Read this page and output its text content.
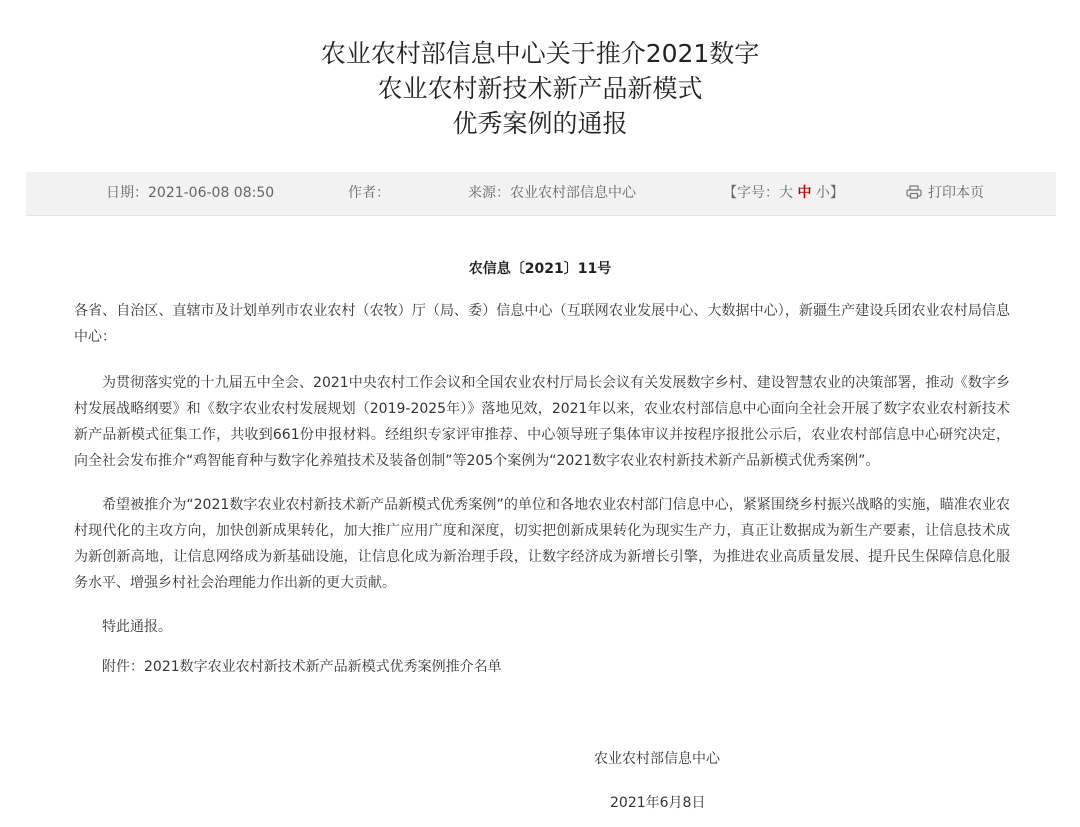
农业农村部信息中心关于推介2021数字
农业农村新技术新产品新模式
优秀案例的通报
日期：2021-06-08 08:50	作者：	来源：农业农村部信息中心	【字号：大 中 小】	打印本页
农信息〔2021〕11号

各省、自治区、直辖市及计划单列市农业农村（农牧）厅（局、委）信息中心（互联网农业发展中心、大数据中心），新疆生产建设兵团农业农村局信息中心：

为贯彻落实党的十九届五中全会、2021中央农村工作会议和全国农业农村厅局长会议有关发展数字乡村、建设智慧农业的决策部署，推动《数字乡村发展战略纲要》和《数字农业农村发展规划（2019-2025年）》落地见效，2021年以来，农业农村部信息中心面向全社会开展了数字农业农村新技术新产品新模式征集工作，共收到661份申报材料。经组织专家评审推荐、中心领导班子集体审议并按程序报批公示后，农业农村部信息中心研究决定，向全社会发布推介“鸡智能育种与数字化养殖技术及装备创制”等205个案例为“2021数字农业农村新技术新产品新模式优秀案例”。

希望被推介为“2021数字农业农村新技术新产品新模式优秀案例”的单位和各地农业农村部门信息中心，紧紧围绕乡村振兴战略的实施，瞄准农业农村现代化的主攻方向，加快创新成果转化，加大推广应用广度和深度，切实把创新成果转化为现实生产力，真正让数据成为新生产要素，让信息技术成为新创新高地，让信息网络成为新基础设施，让信息化成为新治理手段，让数字经济成为新增长引擎，为推进农业高质量发展、提升民生保障信息化服务水平、增强乡村社会治理能力作出新的更大贡献。

特此通报。

附件：2021数字农业农村新技术新产品新模式优秀案例推介名单

农业农村部信息中心
2021年6月8日
